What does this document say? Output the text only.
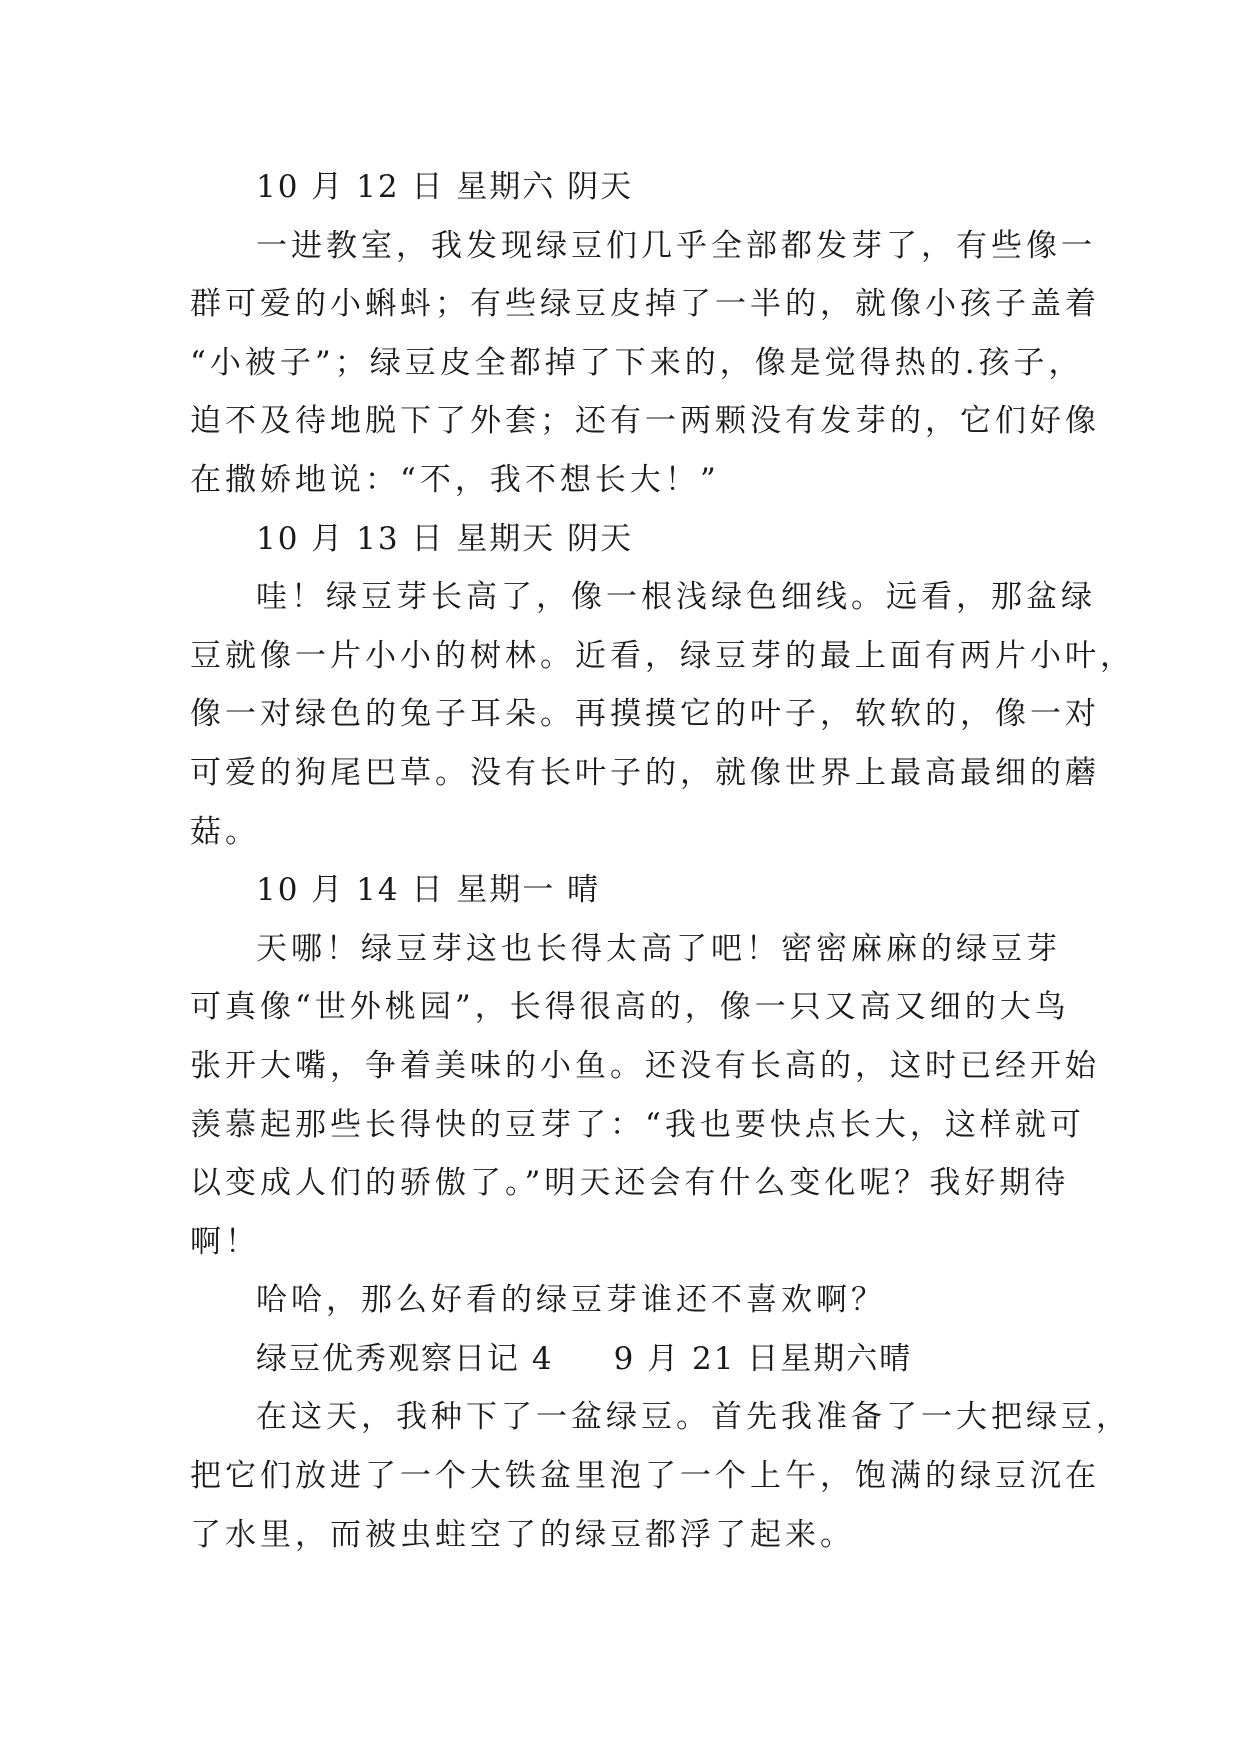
10 月 12 日 星期六 阴天
一进教室，我发现绿豆们几乎全部都发芽了，有些像一
群可爱的小蝌蚪；有些绿豆皮掉了一半的，就像小孩子盖着
“小被子”；绿豆皮全都掉了下来的，像是觉得热的.孩子，
迫不及待地脱下了外套；还有一两颗没有发芽的，它们好像
在撒娇地说：“不，我不想长大！”
10 月 13 日 星期天 阴天
哇！绿豆芽长高了，像一根浅绿色细线。远看，那盆绿
豆就像一片小小的树林。近看，绿豆芽的最上面有两片小叶，
像一对绿色的兔子耳朵。再摸摸它的叶子，软软的，像一对
可爱的狗尾巴草。没有长叶子的，就像世界上最高最细的蘑
菇。
10 月 14 日 星期一 晴
天哪！绿豆芽这也长得太高了吧！密密麻麻的绿豆芽
可真像“世外桃园”，长得很高的，像一只又高又细的大鸟
张开大嘴，争着美味的小鱼。还没有长高的，这时已经开始
羡慕起那些长得快的豆芽了：“我也要快点长大，这样就可
以变成人们的骄傲了。”明天还会有什么变化呢？我好期待
啊！
哈哈，那么好看的绿豆芽谁还不喜欢啊？
绿豆优秀观察日记 4 9 月 21 日星期六晴
在这天，我种下了一盆绿豆。首先我准备了一大把绿豆，
把它们放进了一个大铁盆里泡了一个上午，饱满的绿豆沉在
了水里，而被虫蛀空了的绿豆都浮了起来。
